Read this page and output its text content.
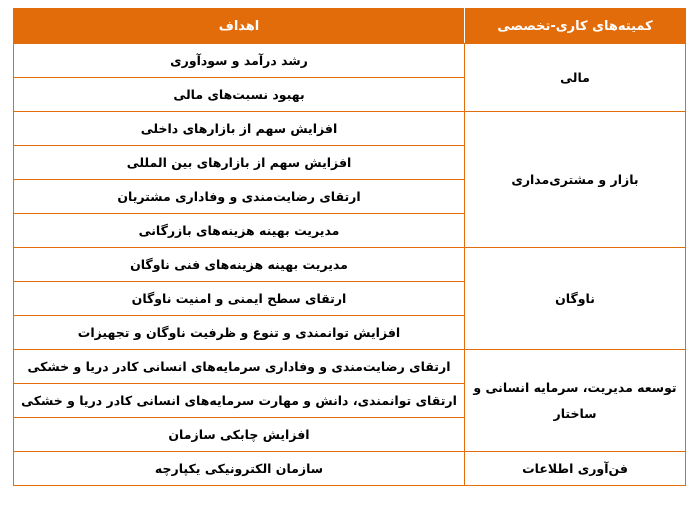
کمیته‌های کاری-تخصصی	اهداف
مالی	رشد درآمد و سودآوری
	بهبود نسبت‌های مالی
بازار و مشتری‌مداری	افزایش سهم از بازارهای داخلی
	افزایش سهم از بازارهای بین المللی
	ارتقای رضایت‌مندی و وفاداری مشتریان
	مدیریت بهینه هزینه‌های بازرگانی
ناوگان	مدیریت بهینه هزینه‌های فنی ناوگان
	ارتقای سطح ایمنی و امنیت ناوگان
	افزایش توانمندی و تنوع و ظرفیت ناوگان و تجهیزات
توسعه مدیریت، سرمایه انسانی و ساختار	ارتقای رضایت‌مندی و وفاداری سرمایه‌های انسانی کادر دریا و خشکی
	ارتقای توانمندی، دانش و مهارت سرمایه‌های انسانی کادر دریا و خشکی
	افزایش چابکی سازمان
فن‌آوری اطلاعات	سازمان الکترونیکی یکپارچه
